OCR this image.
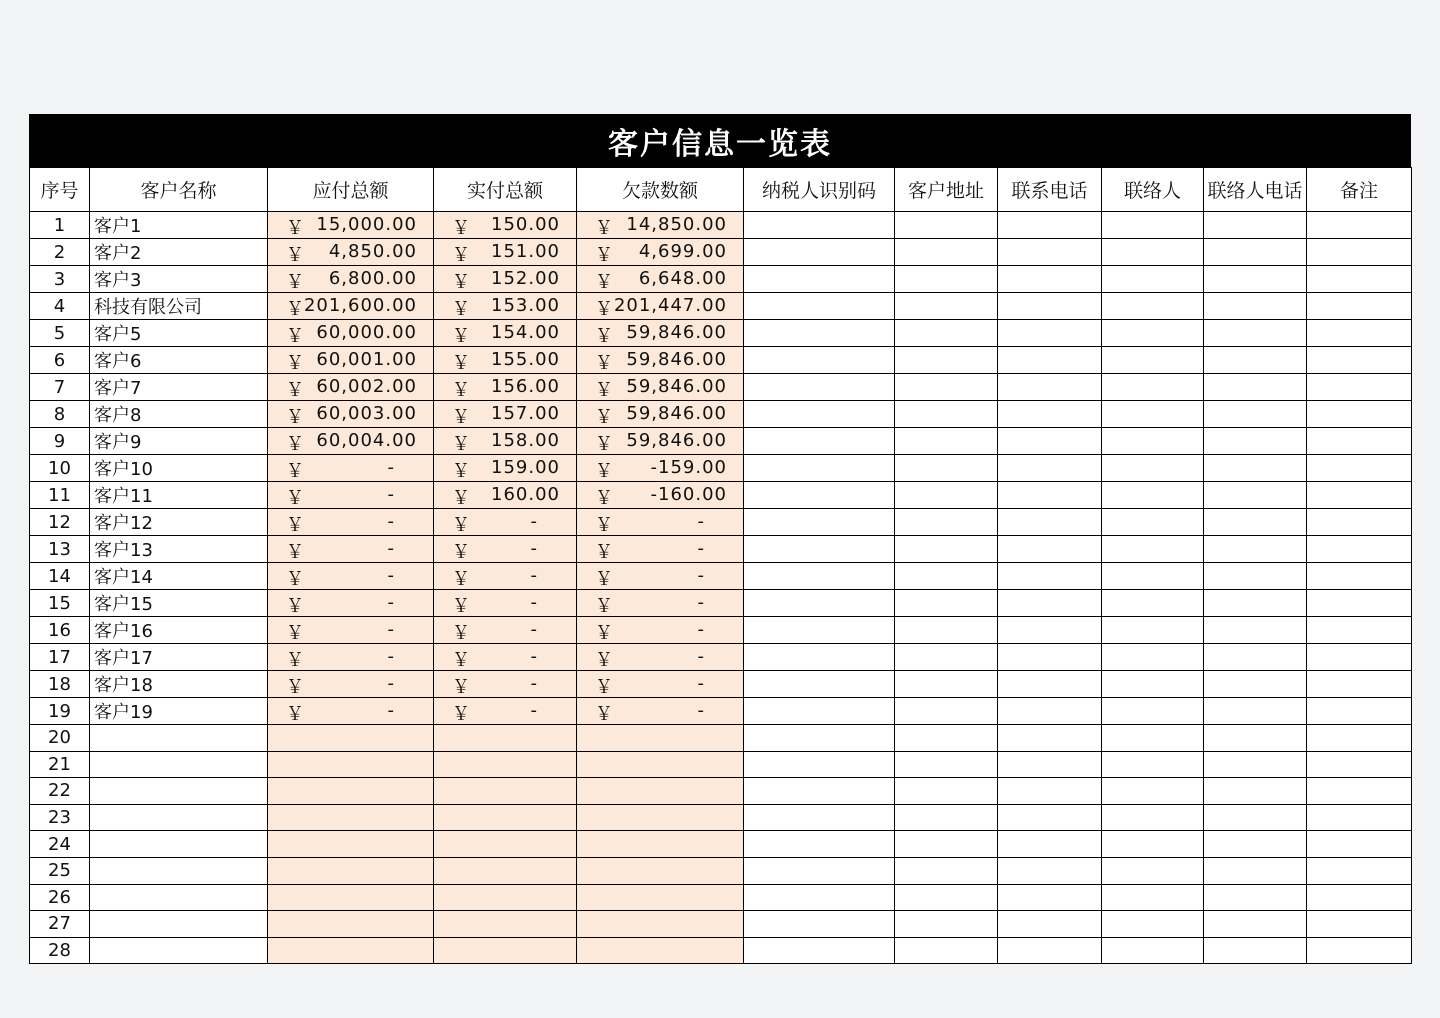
客户信息一览表
序号	客户名称	应付总额	实付总额	欠款数额	纳税人识别码	客户地址	联系电话	联络人	联络人电话	备注
1	客户1	￥ 15,000.00	￥ 150.00	￥ 14,850.00						

2	客户2	￥ 4,850.00	￥ 151.00	￥ 4,699.00						

3	客户3	￥ 6,800.00	￥ 152.00	￥ 6,648.00						

4	科技有限公司	￥ 201,600.00	￥ 153.00	￥ 201,447.00						

5	客户5	￥ 60,000.00	￥ 154.00	￥ 59,846.00						

6	客户6	￥ 60,001.00	￥ 155.00	￥ 59,846.00						

7	客户7	￥ 60,002.00	￥ 156.00	￥ 59,846.00						

8	客户8	￥ 60,003.00	￥ 157.00	￥ 59,846.00						

9	客户9	￥ 60,004.00	￥ 158.00	￥ 59,846.00						

10	客户10	￥ -	￥ 159.00	￥ -159.00						

11	客户11	￥ -	￥ 160.00	￥ -160.00						

12	客户12	￥ -	￥ -	￥ -						

13	客户13	￥ -	￥ -	￥ -						

14	客户14	￥ -	￥ -	￥ -						

15	客户15	￥ -	￥ -	￥ -						

16	客户16	￥ -	￥ -	￥ -						

17	客户17	￥ -	￥ -	￥ -						

18	客户18	￥ -	￥ -	￥ -						

19	客户19	￥ -	￥ -	￥ -						

20										
21										
22										
23										
24										
25										
26										
27										
28										
